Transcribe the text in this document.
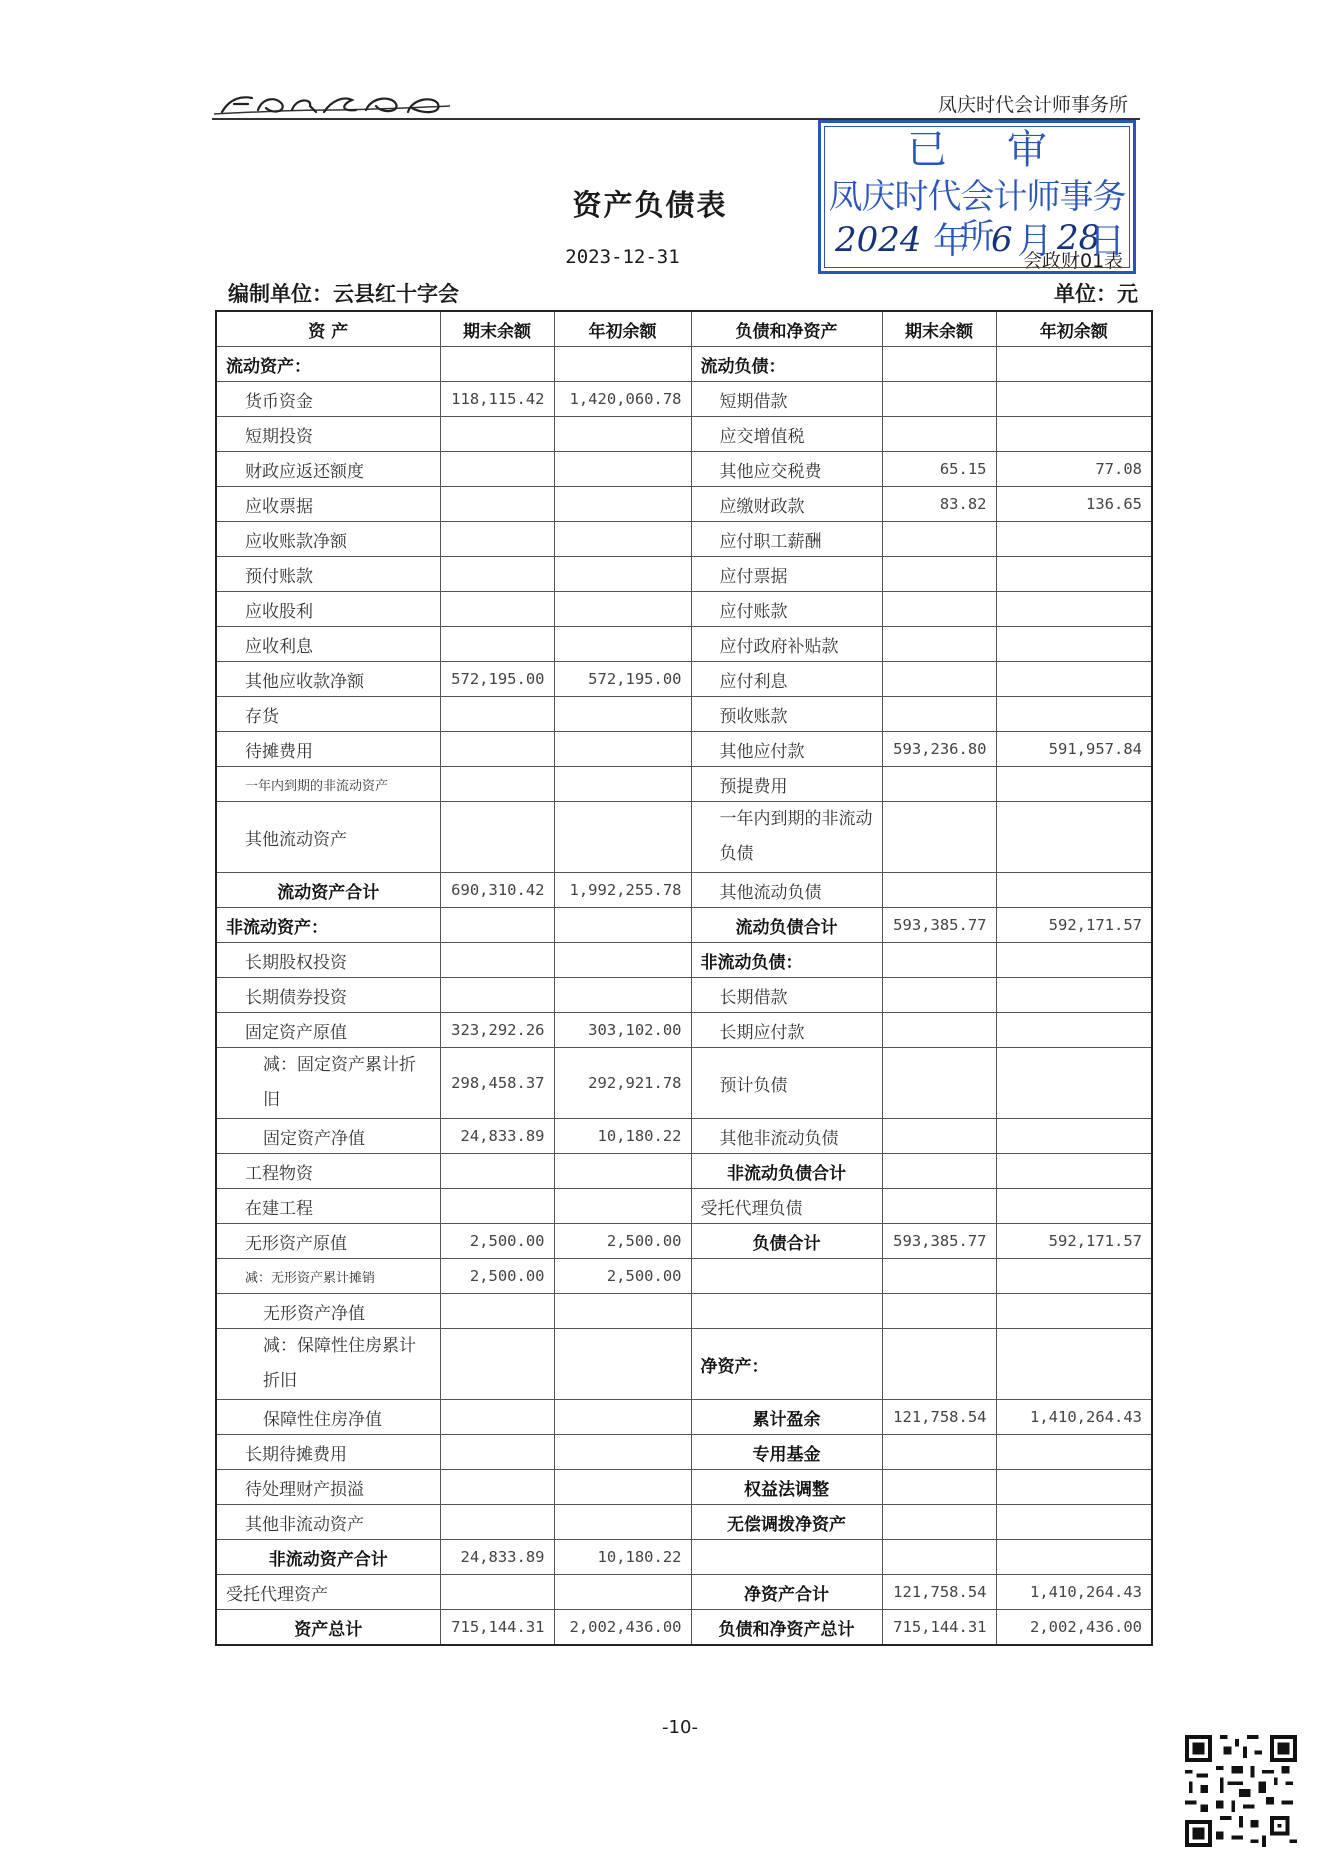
凤庆时代会计师事务所
资产负债表
2023-12-31	会政财01表
编制单位：云县红十字会	单位：元
资 产	期末余额	年初余额	负债和净资产	期末余额	年初余额
流动资产：			流动负债：		
货币资金	118,115.42	1,420,060.78	短期借款		
短期投资			应交增值税		
财政应返还额度			其他应交税费	65.15	77.08
应收票据			应缴财政款	83.82	136.65
应收账款净额			应付职工薪酬		
预付账款			应付票据		
应收股利			应付账款		
应收利息			应付政府补贴款		
其他应收款净额	572,195.00	572,195.00	应付利息		
存货			预收账款		
待摊费用			其他应付款	593,236.80	591,957.84
一年内到期的非流动资产			预提费用		
其他流动资产			一年内到期的非流动负债		
流动资产合计	690,310.42	1,992,255.78	其他流动负债		
非流动资产：			流动负债合计	593,385.77	592,171.57
长期股权投资			非流动负债：		
长期债券投资			长期借款		
固定资产原值	323,292.26	303,102.00	长期应付款		
减：固定资产累计折旧	298,458.37	292,921.78	预计负债		
固定资产净值	24,833.89	10,180.22	其他非流动负债		
工程物资			非流动负债合计		
在建工程			受托代理负债		
无形资产原值	2,500.00	2,500.00	负债合计	593,385.77	592,171.57
减：无形资产累计摊销	2,500.00	2,500.00			
无形资产净值					
减：保障性住房累计折旧			净资产：		
保障性住房净值			累计盈余	121,758.54	1,410,264.43
长期待摊费用			专用基金		
待处理财产损溢			权益法调整		
其他非流动资产			无偿调拨净资产		
非流动资产合计	24,833.89	10,180.22			
受托代理资产			净资产合计	121,758.54	1,410,264.43
资产总计	715,144.31	2,002,436.00	负债和净资产总计	715,144.31	2,002,436.00
已审
凤庆时代会计师事务所
2024 年 6 月 28
日
-10-
